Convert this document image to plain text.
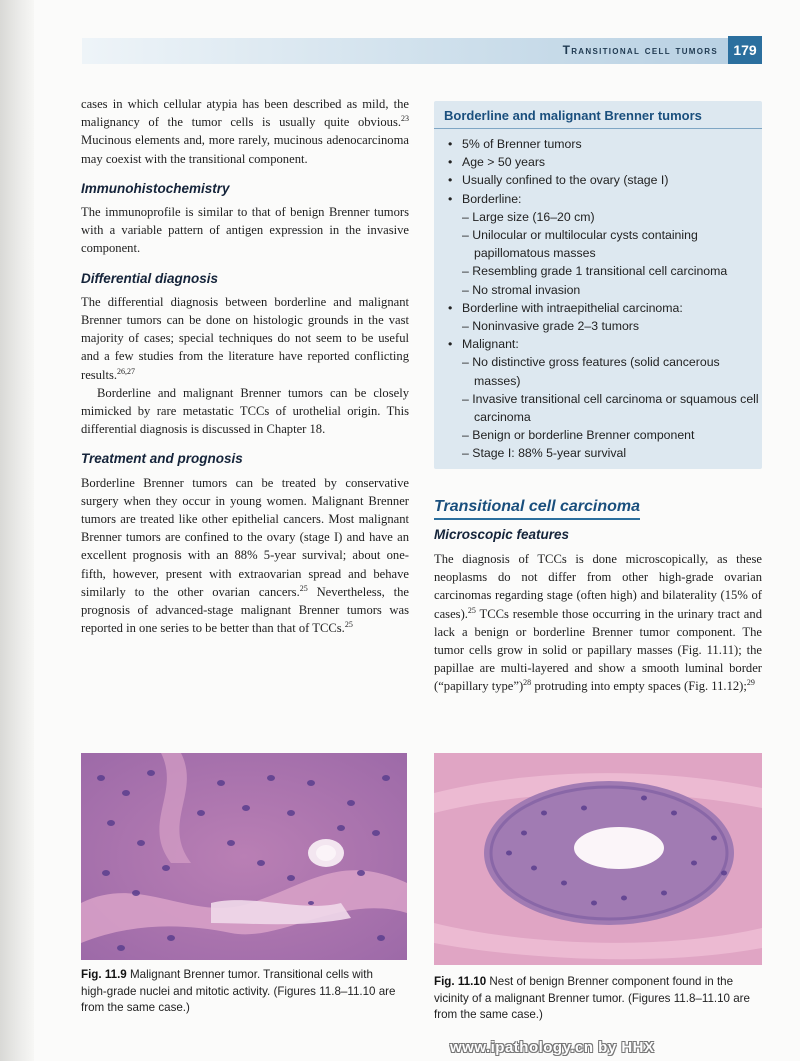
Transitional cell tumors	179

cases in which cellular atypia has been described as mild, the malignancy of the tumor cells is usually quite obvious.$^{23}$ Mucinous elements and, more rarely, mucinous adenocarcinoma may coexist with the transitional component.

Immunohistochemistry

The immunoprofile is similar to that of benign Brenner tumors with a variable pattern of antigen expression in the invasive component.

Differential diagnosis

The differential diagnosis between borderline and malignant Brenner tumors can be done on histologic grounds in the vast majority of cases; special techniques do not seem to be useful and a few studies from the literature have reported conflicting results.$^{26,27}$

Borderline and malignant Brenner tumors can be closely mimicked by rare metastatic TCCs of urothelial origin. This differential diagnosis is discussed in Chapter 18.

Treatment and prognosis

Borderline Brenner tumors can be treated by conservative surgery when they occur in young women. Malignant Brenner tumors are treated like other epithelial cancers. Most malignant Brenner tumors are confined to the ovary (stage I) and have an excellent prognosis with an 88% 5-year survival; about one-fifth, however, present with extraovarian spread and behave similarly to the other ovarian cancers.$^{25}$ Nevertheless, the prognosis of advanced-stage malignant Brenner tumors was reported in one series to be better than that of TCCs.$^{25}$

Borderline and malignant Brenner tumors
• 5% of Brenner tumors
• Age > 50 years
• Usually confined to the ovary (stage I)
• Borderline:
– Large size (16–20 cm)
– Unilocular or multilocular cysts containing papillomatous masses
– Resembling grade 1 transitional cell carcinoma
– No stromal invasion
• Borderline with intraepithelial carcinoma:
– Noninvasive grade 2–3 tumors
• Malignant:
– No distinctive gross features (solid cancerous masses)
– Invasive transitional cell carcinoma or squamous cell carcinoma
– Benign or borderline Brenner component
– Stage I: 88% 5-year survival
Transitional cell carcinoma
Microscopic features

The diagnosis of TCCs is done microscopically, as these neoplasms do not differ from other high-grade ovarian carcinomas regarding stage (often high) and bilaterality (15% of cases).$^{25}$ TCCs resemble those occurring in the urinary tract and lack a benign or borderline Brenner tumor component. The tumor cells grow in solid or papillary masses (Fig. 11.11); the papillae are multi-layered and show a smooth luminal border (“papillary type”)$^{28}$ protruding into empty spaces (Fig. 11.12);$^{29}$

Fig. 11.9 Malignant Brenner tumor. Transitional cells with high-grade nuclei and mitotic activity. (Figures 11.8–11.10 are from the same case.)
Fig. 11.10 Nest of benign Brenner component found in the vicinity of a malignant Brenner tumor. (Figures 11.8–11.10 are from the same case.)
www.ipathology.cn by HHX
